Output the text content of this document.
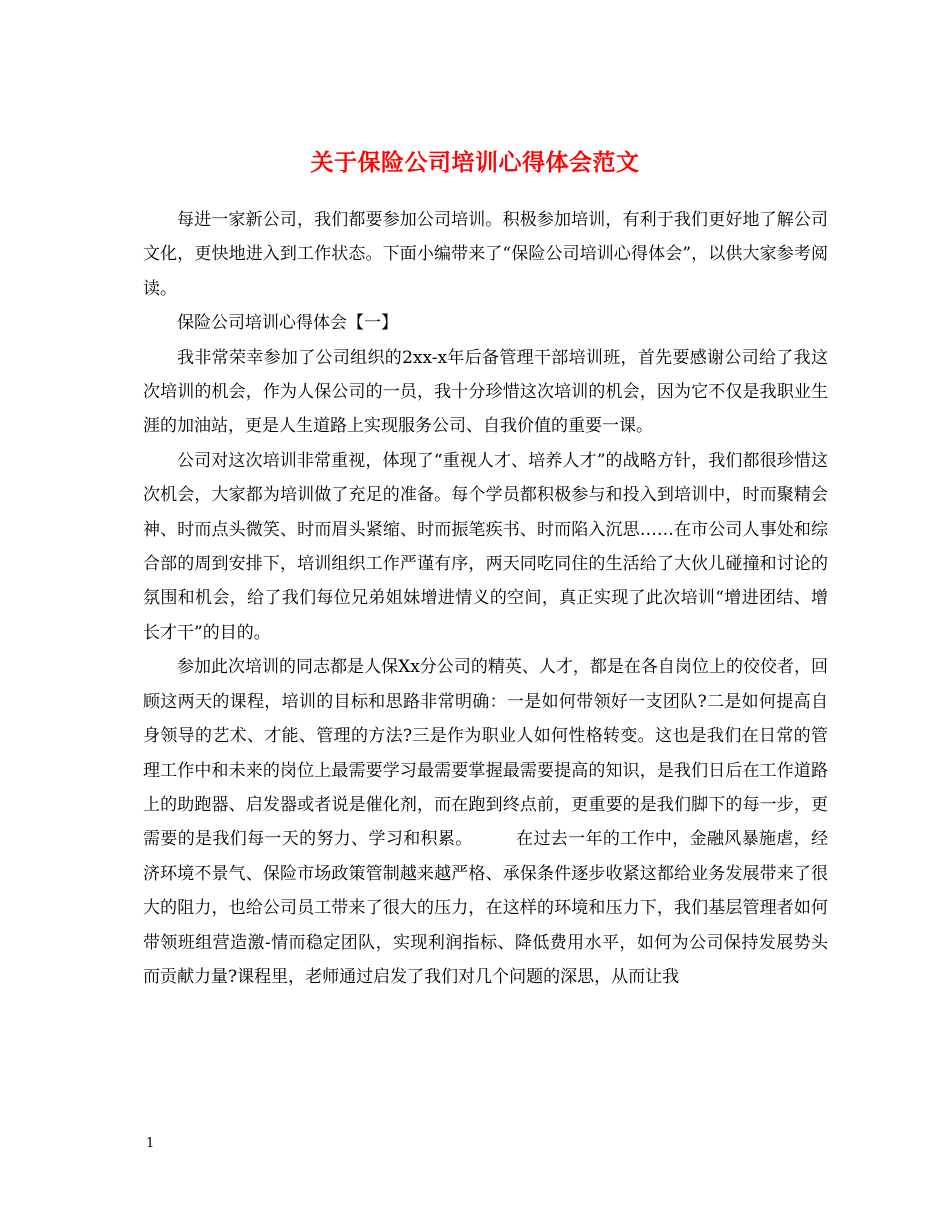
关于保险公司培训心得体会范文

每进一家新公司，我们都要参加公司培训。积极参加培训，有利于我们更好地了解公司文化，更快地进入到工作状态。下面小编带来了“保险公司培训心得体会”，以供大家参考阅读。

保险公司培训心得体会【一】

我非常荣幸参加了公司组织的2xx-x年后备管理干部培训班，首先要感谢公司给了我这次培训的机会，作为人保公司的一员，我十分珍惜这次培训的机会，因为它不仅是我职业生涯的加油站，更是人生道路上实现服务公司、自我价值的重要一课。

公司对这次培训非常重视，体现了“重视人才、培养人才”的战略方针，我们都很珍惜这次机会，大家都为培训做了充足的准备。每个学员都积极参与和投入到培训中，时而聚精会神、时而点头微笑、时而眉头紧缩、时而振笔疾书、时而陷入沉思……在市公司人事处和综合部的周到安排下，培训组织工作严谨有序，两天同吃同住的生活给了大伙儿碰撞和讨论的氛围和机会，给了我们每位兄弟姐妹增进情义的空间，真正实现了此次培训“增进团结、增长才干”的目的。

参加此次培训的同志都是人保Xx分公司的精英、人才，都是在各自岗位上的佼佼者，回顾这两天的课程，培训的目标和思路非常明确：一是如何带领好一支团队?二是如何提高自身领导的艺术、才能、管理的方法?三是作为职业人如何性格转变。这也是我们在日常的管理工作中和未来的岗位上最需要学习最需要掌握最需要提高的知识，是我们日后在工作道路上的助跑器、启发器或者说是催化剂，而在跑到终点前，更重要的是我们脚下的每一步，更需要的是我们每一天的努力、学习和积累。　　　在过去一年的工作中，金融风暴施虐，经济环境不景气、保险市场政策管制越来越严格、承保条件逐步收紧这都给业务发展带来了很大的阻力，也给公司员工带来了很大的压力，在这样的环境和压力下，我们基层管理者如何带领班组营造激-情而稳定团队，实现利润指标、降低费用水平，如何为公司保持发展势头而贡献力量?课程里，老师通过启发了我们对几个问题的深思，从而让我

1
